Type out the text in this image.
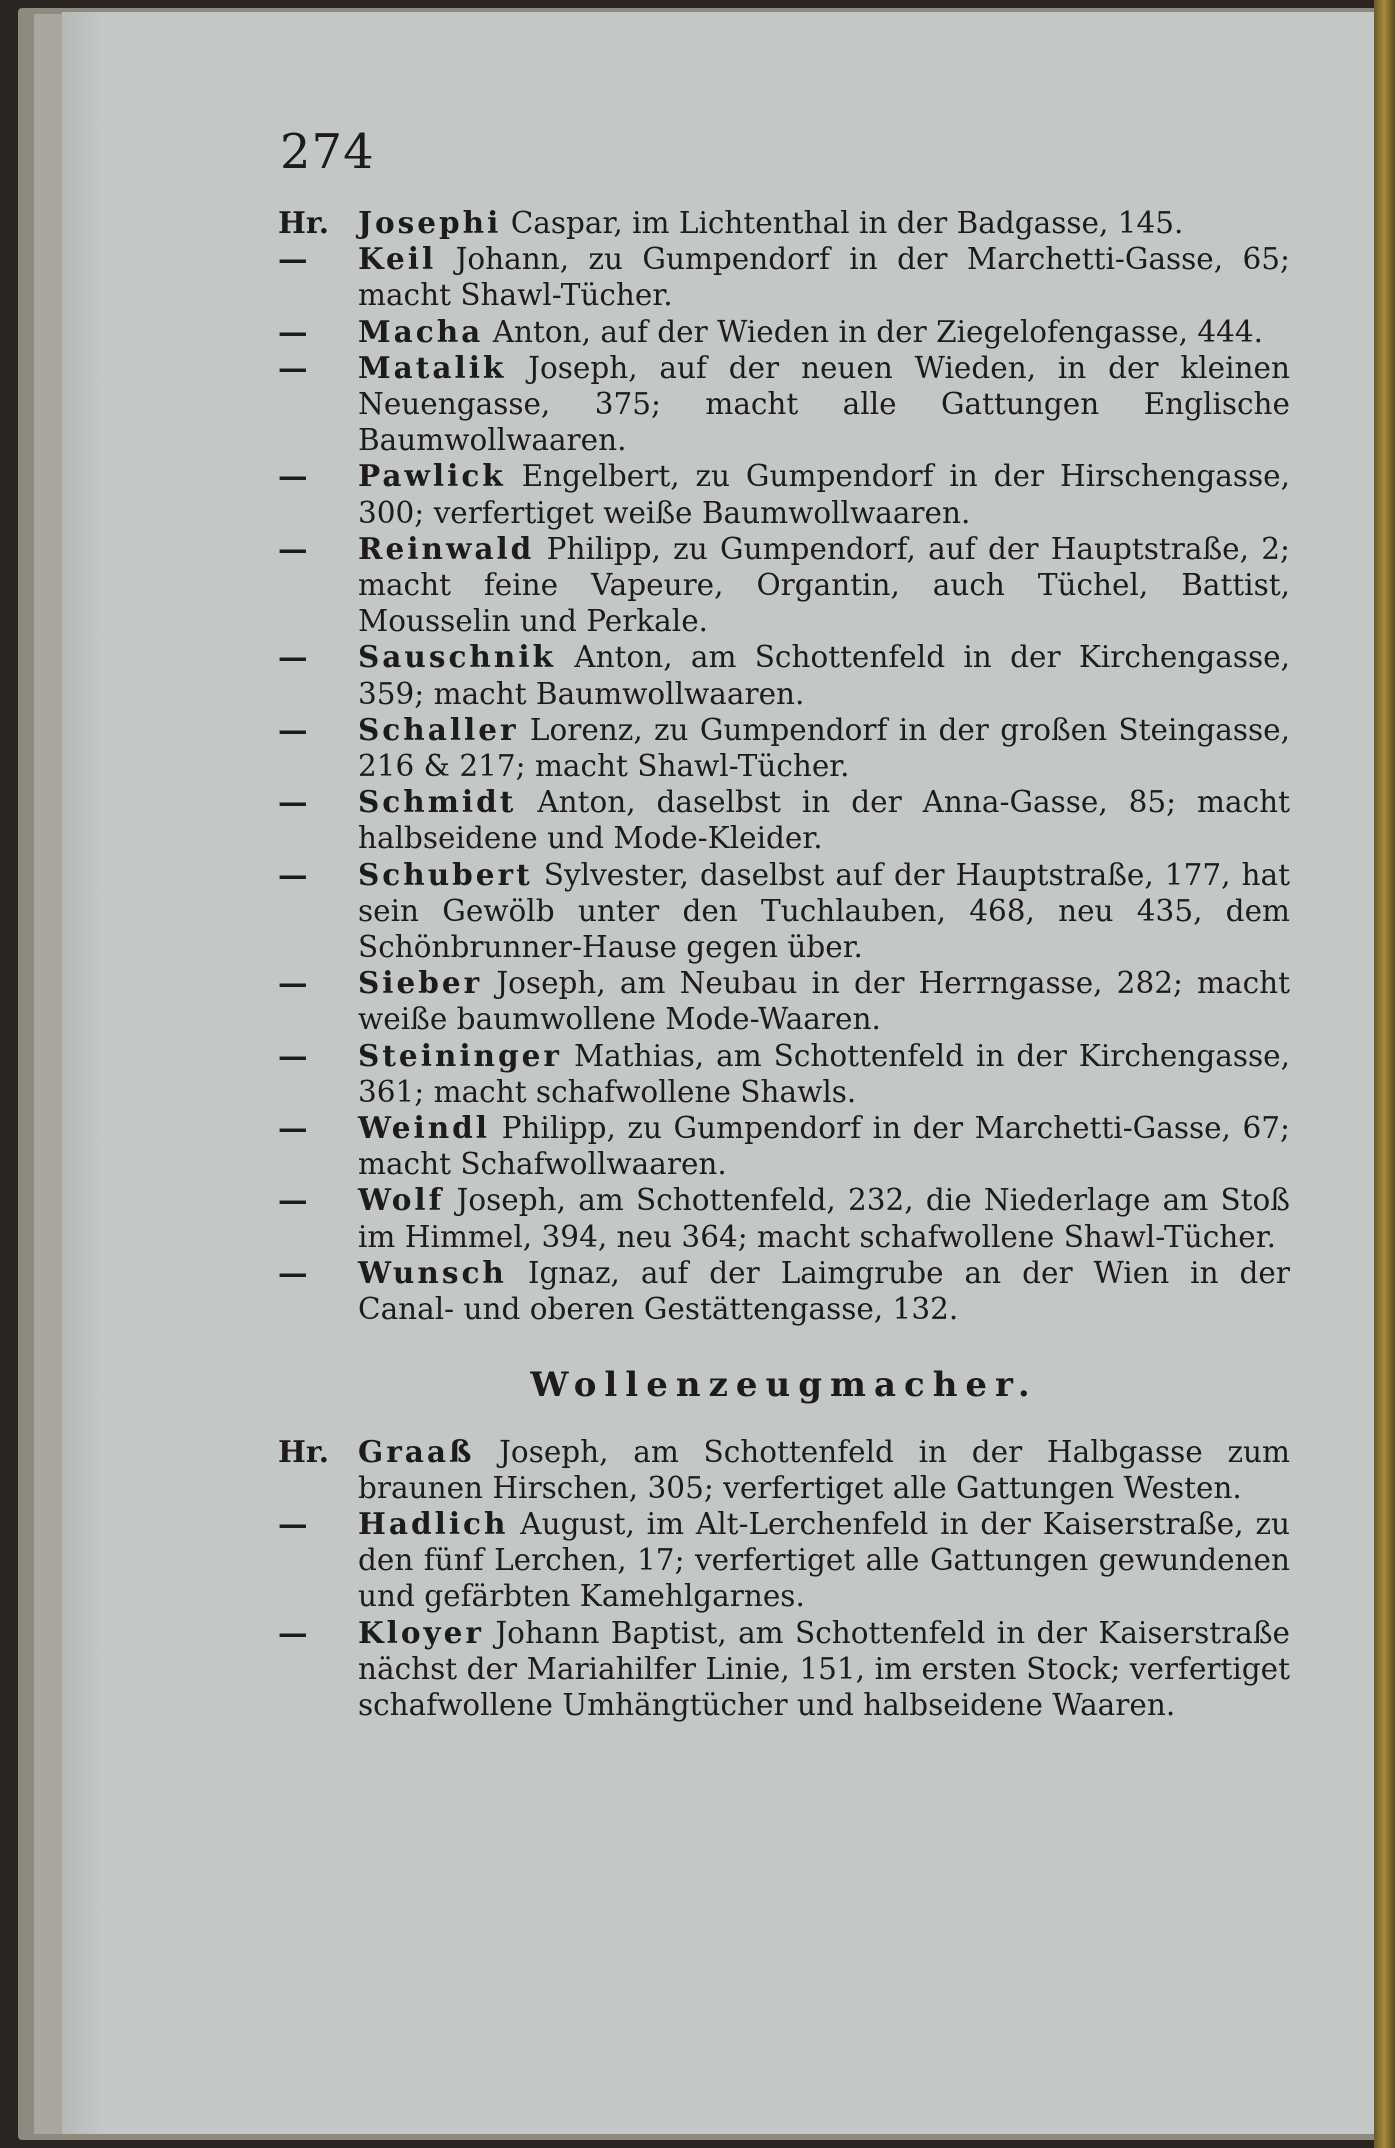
274
Hr. Josephi Caspar, im Lichtenthal in der Badgasse, 145.
— Keil Johann, zu Gumpendorf in der Marchetti-Gasse, 65; macht Shawl-Tücher.
— Macha Anton, auf der Wieden in der Ziegelofengasse, 444.
— Matalik Joseph, auf der neuen Wieden, in der kleinen Neuengasse, 375; macht alle Gattungen Englische Baumwollwaaren.
— Pawlick Engelbert, zu Gumpendorf in der Hirschengasse, 300; verfertiget weiße Baumwollwaaren.
— Reinwald Philipp, zu Gumpendorf, auf der Hauptstraße, 2; macht feine Vapeure, Organtin, auch Tüchel, Battist, Mousselin und Perkale.
— Sauschnik Anton, am Schottenfeld in der Kirchengasse, 359; macht Baumwollwaaren.
— Schaller Lorenz, zu Gumpendorf in der großen Steingasse, 216 & 217; macht Shawl-Tücher.
— Schmidt Anton, daselbst in der Anna-Gasse, 85; macht halbseidene und Mode-Kleider.
— Schubert Sylvester, daselbst auf der Hauptstraße, 177, hat sein Gewölb unter den Tuchlauben, 468, neu 435, dem Schönbrunner-Hause gegen über.
— Sieber Joseph, am Neubau in der Herrngasse, 282; macht weiße baumwollene Mode-Waaren.
— Steininger Mathias, am Schottenfeld in der Kirchengasse, 361; macht schafwollene Shawls.
— Weindl Philipp, zu Gumpendorf in der Marchetti-Gasse, 67; macht Schafwollwaaren.
— Wolf Joseph, am Schottenfeld, 232, die Niederlage am Stoß im Himmel, 394, neu 364; macht schafwollene Shawl-Tücher.
— Wunsch Ignaz, auf der Laimgrube an der Wien in der Canal- und oberen Gestättengasse, 132.
Wollenzeugmacher.
Hr. Graaß Joseph, am Schottenfeld in der Halbgasse zum braunen Hirschen, 305; verfertiget alle Gattungen Westen.
— Hadlich August, im Alt-Lerchenfeld in der Kaiserstraße, zu den fünf Lerchen, 17; verfertiget alle Gattungen gewundenen und gefärbten Kamehlgarnes.
— Kloyer Johann Baptist, am Schottenfeld in der Kaiserstraße nächst der Mariahilfer Linie, 151, im ersten Stock; verfertiget schafwollene Umhängtücher und halbseidene Waaren.
